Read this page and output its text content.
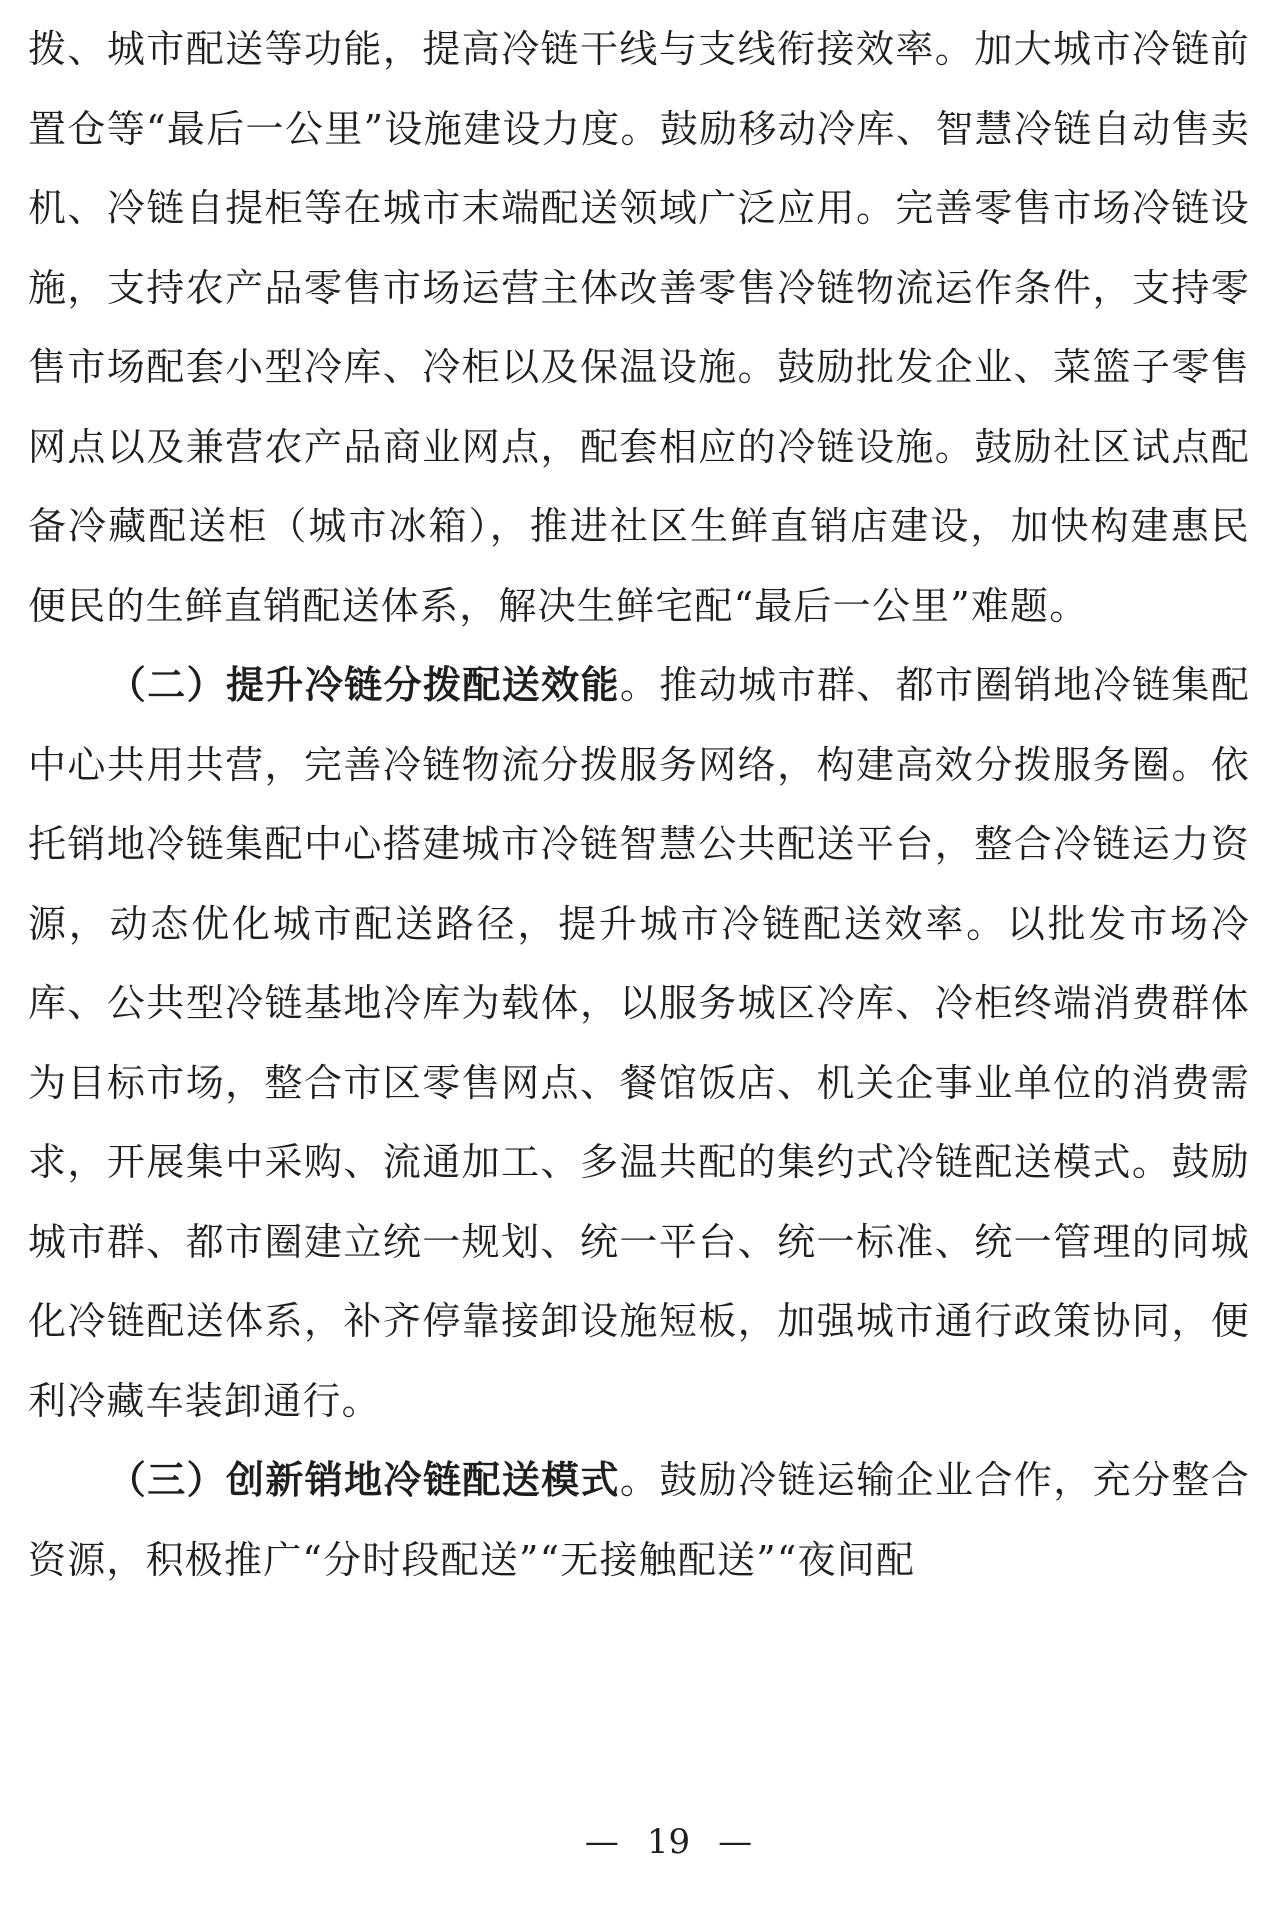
拨、城市配送等功能，提高冷链干线与支线衔接效率。加大城市冷链前置仓等“最后一公里”设施建设力度。鼓励移动冷库、智慧冷链自动售卖机、冷链自提柜等在城市末端配送领域广泛应用。完善零售市场冷链设施，支持农产品零售市场运营主体改善零售冷链物流运作条件，支持零售市场配套小型冷库、冷柜以及保温设施。鼓励批发企业、菜篮子零售网点以及兼营农产品商业网点，配套相应的冷链设施。鼓励社区试点配备冷藏配送柜（城市冰箱），推进社区生鲜直销店建设，加快构建惠民便民的生鲜直销配送体系，解决生鲜宅配“最后一公里”难题。

（二）提升冷链分拨配送效能。推动城市群、都市圈销地冷链集配中心共用共营，完善冷链物流分拨服务网络，构建高效分拨服务圈。依托销地冷链集配中心搭建城市冷链智慧公共配送平台，整合冷链运力资源，动态优化城市配送路径，提升城市冷链配送效率。以批发市场冷库、公共型冷链基地冷库为载体，以服务城区冷库、冷柜终端消费群体为目标市场，整合市区零售网点、餐馆饭店、机关企事业单位的消费需求，开展集中采购、流通加工、多温共配的集约式冷链配送模式。鼓励城市群、都市圈建立统一规划、统一平台、统一标准、统一管理的同城化冷链配送体系，补齐停靠接卸设施短板，加强城市通行政策协同，便利冷藏车装卸通行。

（三）创新销地冷链配送模式。鼓励冷链运输企业合作，充分整合资源，积极推广“分时段配送”“无接触配送”“夜间配

— 19 —
